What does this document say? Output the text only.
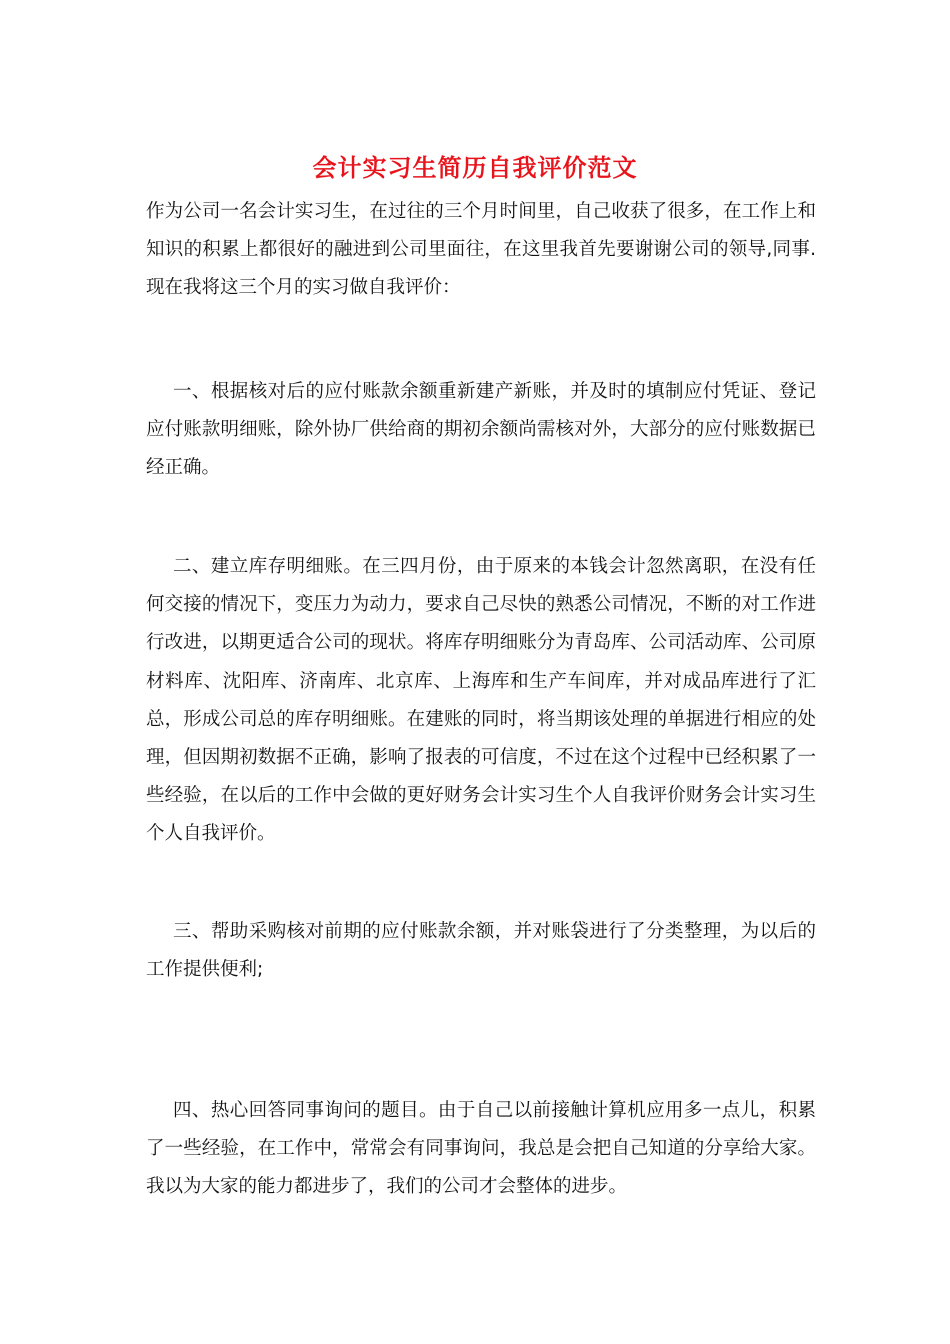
会计实习生简历自我评价范文

作为公司一名会计实习生，在过往的三个月时间里，自己收获了很多，在工作上和知识的积累上都很好的融进到公司里面往，在这里我首先要谢谢公司的领导,同事.现在我将这三个月的实习做自我评价：

一、根据核对后的应付账款余额重新建产新账，并及时的填制应付凭证、登记应付账款明细账，除外协厂供给商的期初余额尚需核对外，大部分的应付账数据已经正确。

二、建立库存明细账。在三四月份，由于原来的本钱会计忽然离职，在没有任何交接的情况下，变压力为动力，要求自己尽快的熟悉公司情况，不断的对工作进行改进，以期更适合公司的现状。将库存明细账分为青岛库、公司活动库、公司原材料库、沈阳库、济南库、北京库、上海库和生产车间库，并对成品库进行了汇总，形成公司总的库存明细账。在建账的同时，将当期该处理的单据进行相应的处理，但因期初数据不正确，影响了报表的可信度，不过在这个过程中已经积累了一些经验，在以后的工作中会做的更好财务会计实习生个人自我评价财务会计实习生个人自我评价。

三、帮助采购核对前期的应付账款余额，并对账袋进行了分类整理，为以后的工作提供便利;

四、热心回答同事询问的题目。由于自己以前接触计算机应用多一点儿，积累了一些经验，在工作中，常常会有同事询问，我总是会把自己知道的分享给大家。我以为大家的能力都进步了，我们的公司才会整体的进步。
